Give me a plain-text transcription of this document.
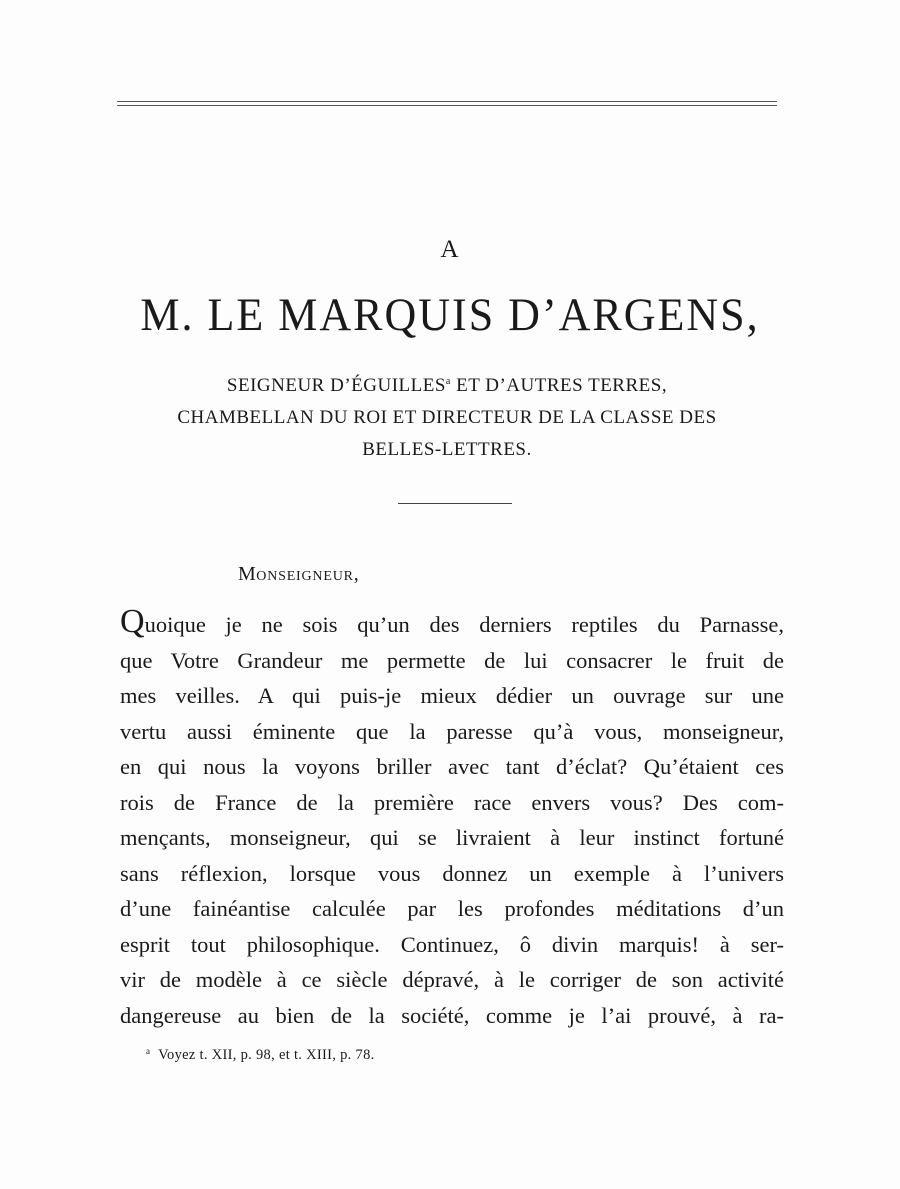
A
M. LE MARQUIS D’ARGENS,
SEIGNEUR D’ÉGUILLES$^a$ ET D’AUTRES TERRES,
CHAMBELLAN DU ROI ET DIRECTEUR DE LA CLASSE DES
BELLES-LETTRES.
MONSEIGNEUR,
Quoique je ne sois qu’un des derniers reptiles du Parnasse,
que Votre Grandeur me permette de lui consacrer le fruit de
mes veilles. A qui puis-je mieux dédier un ouvrage sur une
vertu aussi éminente que la paresse qu’à vous, monseigneur,
en qui nous la voyons briller avec tant d’éclat? Qu’étaient ces
rois de France de la première race envers vous? Des com-
mençants, monseigneur, qui se livraient à leur instinct fortuné
sans réflexion, lorsque vous donnez un exemple à l’univers
d’une fainéantise calculée par les profondes méditations d’un
esprit tout philosophique. Continuez, ô divin marquis! à ser-
vir de modèle à ce siècle dépravé, à le corriger de son activité
dangereuse au bien de la société, comme je l’ai prouvé, à ra-
$^a$ Voyez t. XII, p. 98, et t. XIII, p. 78.
